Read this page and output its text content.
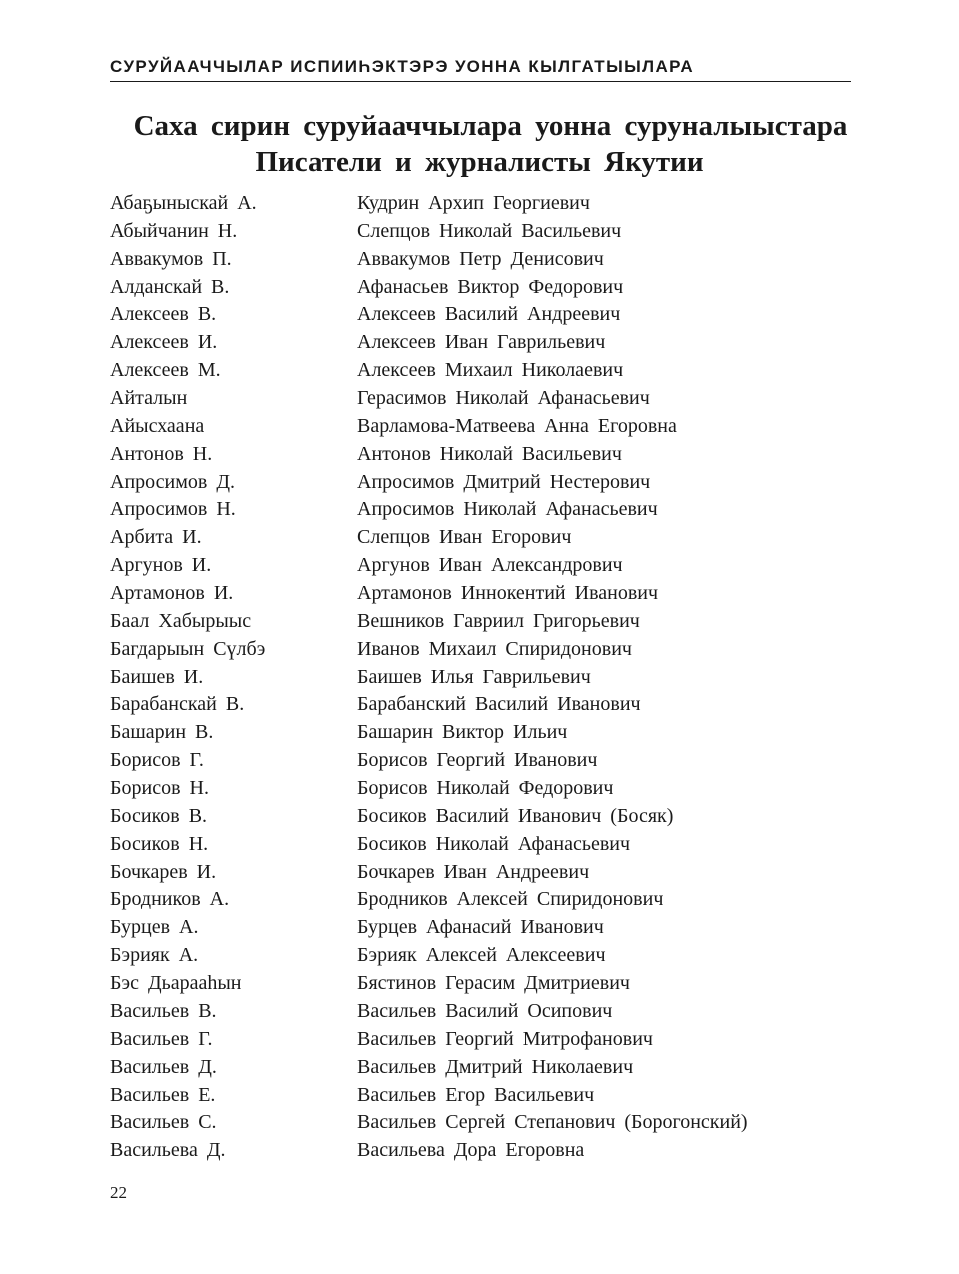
СУРУЙААЧЧЫЛАР ИСПИИҺЭКТЭРЭ УОННА КЫЛГАТЫЫЛАРА
Саха сирин суруйааччылара уонна суруналыыстара
Писатели и журналисты Якутии
Абаҕыныскай А.	Кудрин Архип Георгиевич
Абыйчанин Н.	Слепцов Николай Васильевич
Аввакумов П.	Аввакумов Петр Денисович
Алданскай В.	Афанасьев Виктор Федорович
Алексеев В.	Алексеев Василий Андреевич
Алексеев И.	Алексеев Иван Гаврильевич
Алексеев М.	Алексеев Михаил Николаевич
Айталын	Герасимов Николай Афанасьевич
Айысхаана	Варламова-Матвеева Анна Егоровна
Антонов Н.	Антонов Николай Васильевич
Апросимов Д.	Апросимов Дмитрий Нестерович
Апросимов Н.	Апросимов Николай Афанасьевич
Арбита И.	Слепцов Иван Егорович
Аргунов И.	Аргунов Иван Александрович
Артамонов И.	Артамонов Иннокентий Иванович
Баал Хабырыыс	Вешников Гавриил Григорьевич
Багдарыын Сүлбэ	Иванов Михаил Спиридонович
Баишев И.	Баишев Илья Гаврильевич
Барабанскай В.	Барабанский Василий Иванович
Башарин В.	Башарин Виктор Ильич
Борисов Г.	Борисов Георгий Иванович
Борисов Н.	Борисов Николай Федорович
Босиков В.	Босиков Василий Иванович (Босяк)
Босиков Н.	Босиков Николай Афанасьевич
Бочкарев И.	Бочкарев Иван Андреевич
Бродников А.	Бродников Алексей Спиридонович
Бурцев А.	Бурцев Афанасий Иванович
Бэрияк А.	Бэрияк Алексей Алексеевич
Бэс Дьарааһын	Бястинов Герасим Дмитриевич
Васильев В.	Васильев Василий Осипович
Васильев Г.	Васильев Георгий Митрофанович
Васильев Д.	Васильев Дмитрий Николаевич
Васильев Е.	Васильев Егор Васильевич
Васильев С.	Васильев Сергей Степанович (Борогонский)
Васильева Д.	Васильева Дора Егоровна
22
